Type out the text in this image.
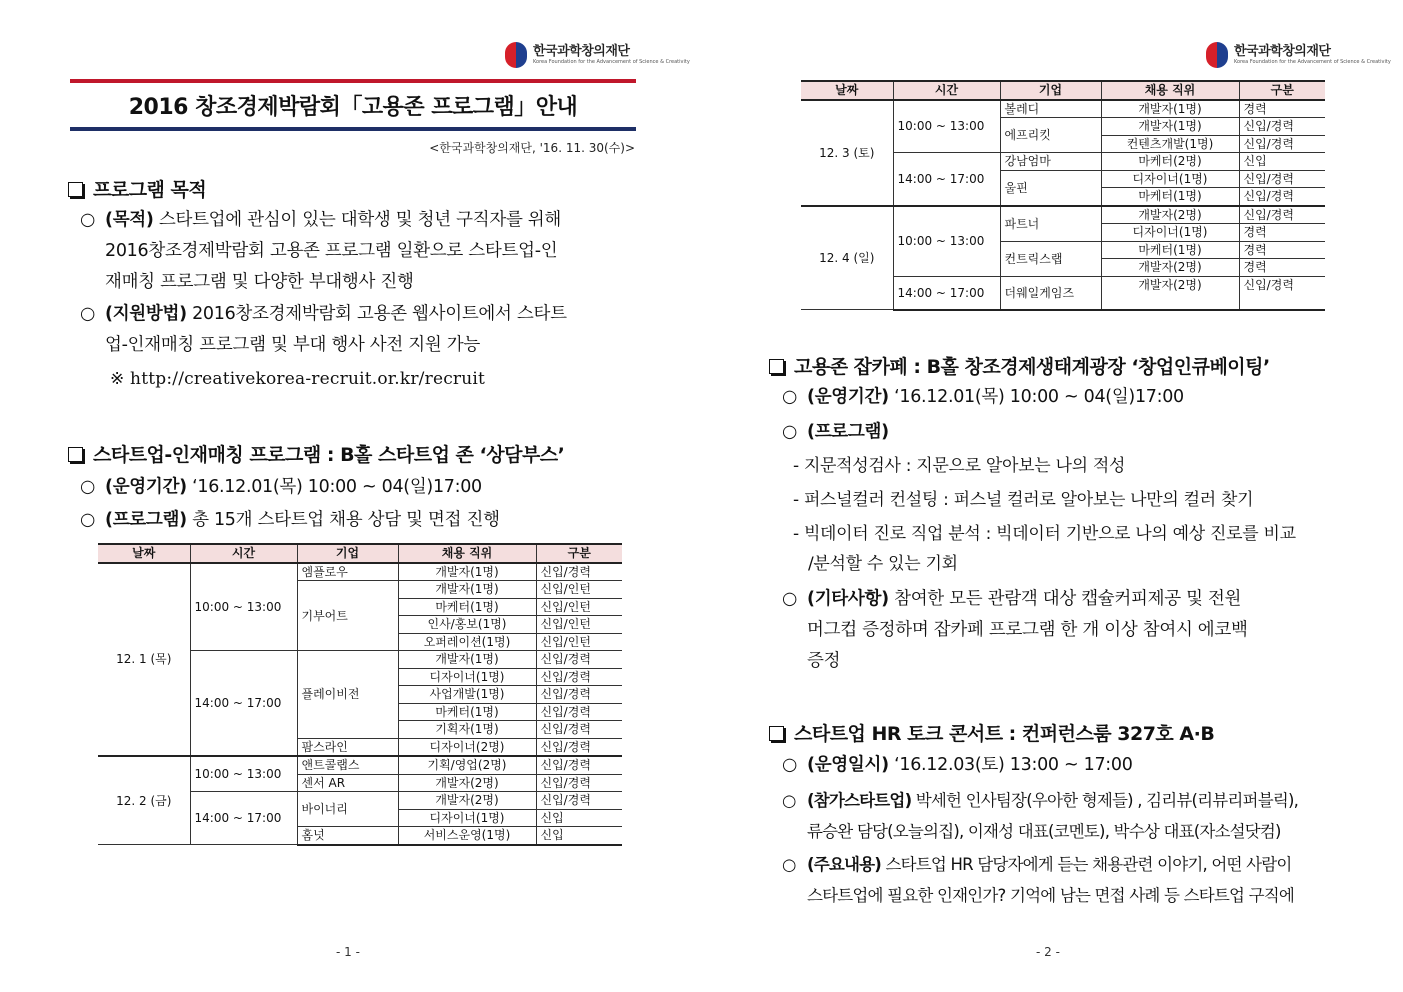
한국과학창의재단
Korea Foundation for the Advancement of Science & Creativity
2016 창조경제박람회「고용존 프로그램」안내
<한국과학창의재단, '16. 11. 30(수)>
프로그램 목적
○ (목적) 스타트업에 관심이 있는 대학생 및 청년 구직자를 위해
2016창조경제박람회 고용존 프로그램 일환으로 스타트업-인
재매칭 프로그램 및 다양한 부대행사 진행
○ (지원방법) 2016창조경제박람회 고용존 웹사이트에서 스타트
업-인재매칭 프로그램 및 부대 행사 사전 지원 가능
※ http://creativekorea-recruit.or.kr/recruit
스타트업-인재매칭 프로그램 : B홀 스타트업 존 ‘상담부스’
○ (운영기간) ‘16.12.01(목) 10:00 ~ 04(일)17:00
○ (프로그램) 총 15개 스타트업 채용 상담 및 면접 진행
날짜	시간	기업	채용 직위	구분
12. 1 (목)	10:00 ~ 13:00	엠플로우	개발자(1명)	신입/경력
		기부어트	개발자(1명)	신입/인턴
			마케터(1명)	신입/인턴
			인사/홍보(1명)	신입/인턴
			오퍼레이션(1명)	신입/인턴
	14:00 ~ 17:00	플레이비전	개발자(1명)	신입/경력
			디자이너(1명)	신입/경력
			사업개발(1명)	신입/경력
			마케터(1명)	신입/경력
			기획자(1명)	신입/경력
		팜스라인	디자이너(2명)	신입/경력
12. 2 (금)	10:00 ~ 13:00	앤트콜랩스	기획/영업(2명)	신입/경력
		센서 AR	개발자(2명)	신입/경력
	14:00 ~ 17:00	바이너리	개발자(2명)	신입/경력
			디자이너(1명)	신입
		홈넛	서비스운영(1명)	신입
- 1 -
한국과학창의재단
Korea Foundation for the Advancement of Science & Creativity
날짜	시간	기업	채용 직위	구분
12. 3 (토)	10:00 ~ 13:00	볼레디	개발자(1명)	경력
		에프리킷	개발자(1명)	신입/경력
			컨텐츠개발(1명)	신입/경력
	14:00 ~ 17:00	강남엄마	마케터(2명)	신입
		울핀	디자이너(1명)	신입/경력
			마케터(1명)	신입/경력
12. 4 (일)	10:00 ~ 13:00	파트너	개발자(2명)	신입/경력
			디자이너(1명)	경력
		컨트릭스랩	마케터(1명)	경력
			개발자(2명)	경력
	14:00 ~ 17:00	더웨일게임즈	개발자(2명)	신입/경력
고용존 잡카페 : B홀 창조경제생태계광장 ‘창업인큐베이팅’
○ (운영기간) ‘16.12.01(목) 10:00 ~ 04(일)17:00
○ (프로그램)
- 지문적성검사 : 지문으로 알아보는 나의 적성
- 퍼스널컬러 컨설팅 : 퍼스널 컬러로 알아보는 나만의 컬러 찾기
- 빅데이터 진로 직업 분석 : 빅데이터 기반으로 나의 예상 진로를 비교
/분석할 수 있는 기회
○ (기타사항) 참여한 모든 관람객 대상 캡슐커피제공 및 전원
머그컵 증정하며 잡카페 프로그램 한 개 이상 참여시 에코백
증정
스타트업 HR 토크 콘서트 : 컨퍼런스룸 327호 A·B
○ (운영일시) ‘16.12.03(토) 13:00 ~ 17:00
○ (참가스타트업) 박세헌 인사팀장(우아한 형제들) , 김리뷰(리뷰리퍼블릭),
류승완 담당(오늘의집), 이재성 대표(코멘토), 박수상 대표(자소설닷컴)
○ (주요내용) 스타트업 HR 담당자에게 듣는 채용관련 이야기, 어떤 사람이
스타트업에 필요한 인재인가? 기억에 남는 면접 사례 등 스타트업 구직에
- 2 -
